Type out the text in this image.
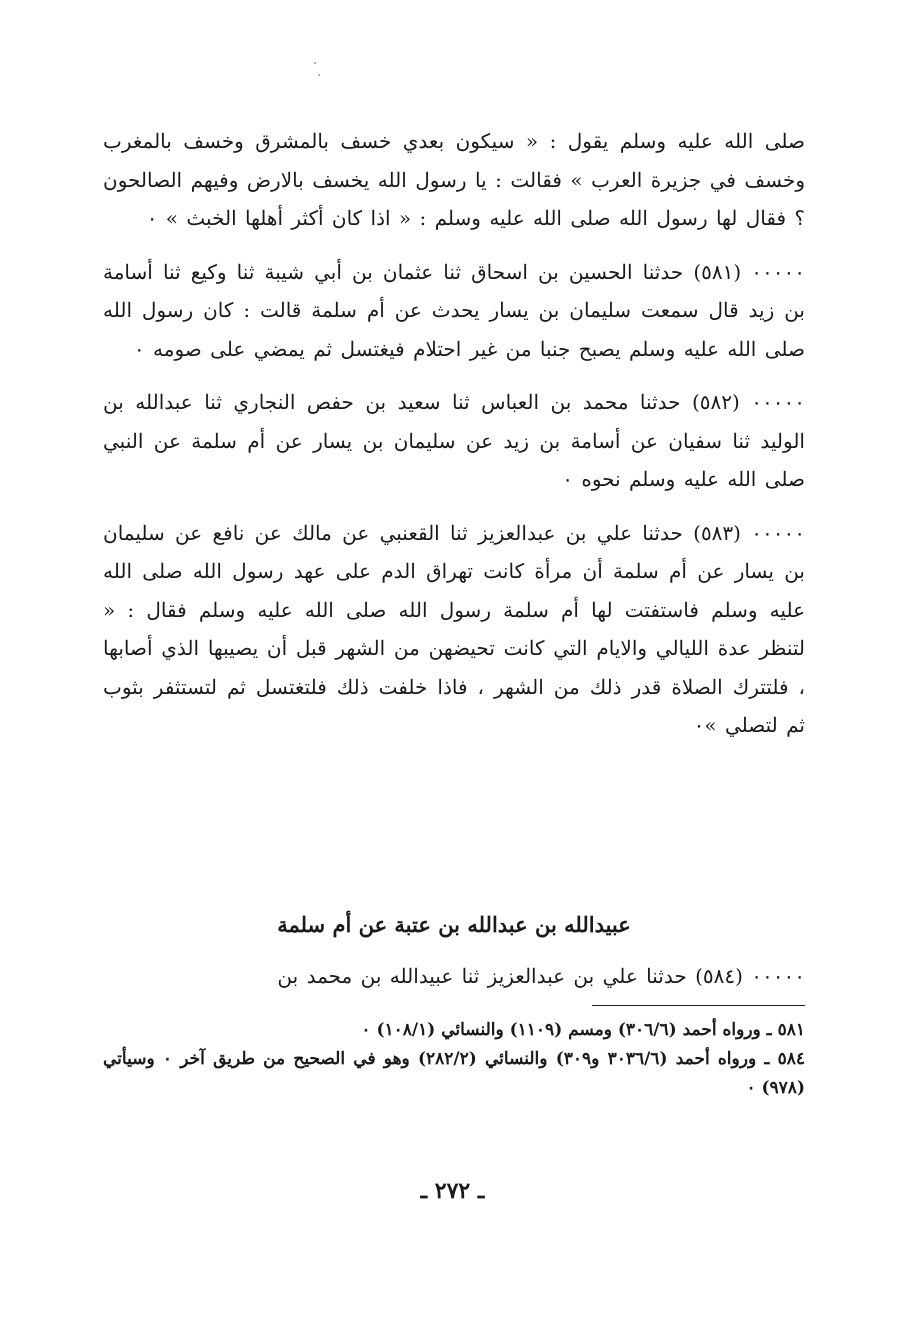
صلى الله عليه وسلم يقول : « سيكون بعدي خسف بالمشرق وخسف بالمغرب وخسف في جزيرة العرب » فقالت : يا رسول الله يخسف بالارض وفيهم الصالحون ؟ فقال لها رسول الله صلى الله عليه وسلم : « اذا كان أكثر أهلها الخبث » ٠

٠٠٠٠٠ (٥٨١) حدثنا الحسين بن اسحاق ثنا عثمان بن أبي شيبة ثنا وكيع ثنا أسامة بن زيد قال سمعت سليمان بن يسار يحدث عن أم سلمة قالت : كان رسول الله صلى الله عليه وسلم يصبح جنبا من غير احتلام فيغتسل ثم يمضي على صومه ٠

٠٠٠٠٠ (٥٨٢) حدثنا محمد بن العباس ثنا سعيد بن حفص النجاري ثنا عبدالله بن الوليد ثنا سفيان عن أسامة بن زيد عن سليمان بن يسار عن أم سلمة عن النبي صلى الله عليه وسلم نحوه ٠

٠٠٠٠٠ (٥٨٣) حدثنا علي بن عبدالعزيز ثنا القعنبي عن مالك عن نافع عن سليمان بن يسار عن أم سلمة أن مرأة كانت تهراق الدم على عهد رسول الله صلى الله عليه وسلم فاستفتت لها أم سلمة رسول الله صلى الله عليه وسلم فقال : « لتنظر عدة الليالي والايام التي كانت تحيضهن من الشهر قبل أن يصيبها الذي أصابها ، فلتترك الصلاة قدر ذلك من الشهر ، فاذا خلفت ذلك فلتغتسل ثم لتستثفر بثوب ثم لتصلي »٠

عبيدالله بن عبدالله بن عتبة عن أم سلمة

٠٠٠٠٠ (٥٨٤) حدثنا علي بن عبدالعزيز ثنا عبيدالله بن محمد بن

٥٨١ ـ ورواه أحمد (٣٠٦/٦) ومسم (١١٠٩) والنسائي (١٠٨/١) ٠

٥٨٤ ـ ورواه أحمد (٣٠٣٦/٦ و٣٠٩) والنسائي (٢٨٢/٢) وهو في الصحيح من طريق آخر ٠ وسيأتي (٩٧٨) ٠

ـ ٢٧٢ ـ
